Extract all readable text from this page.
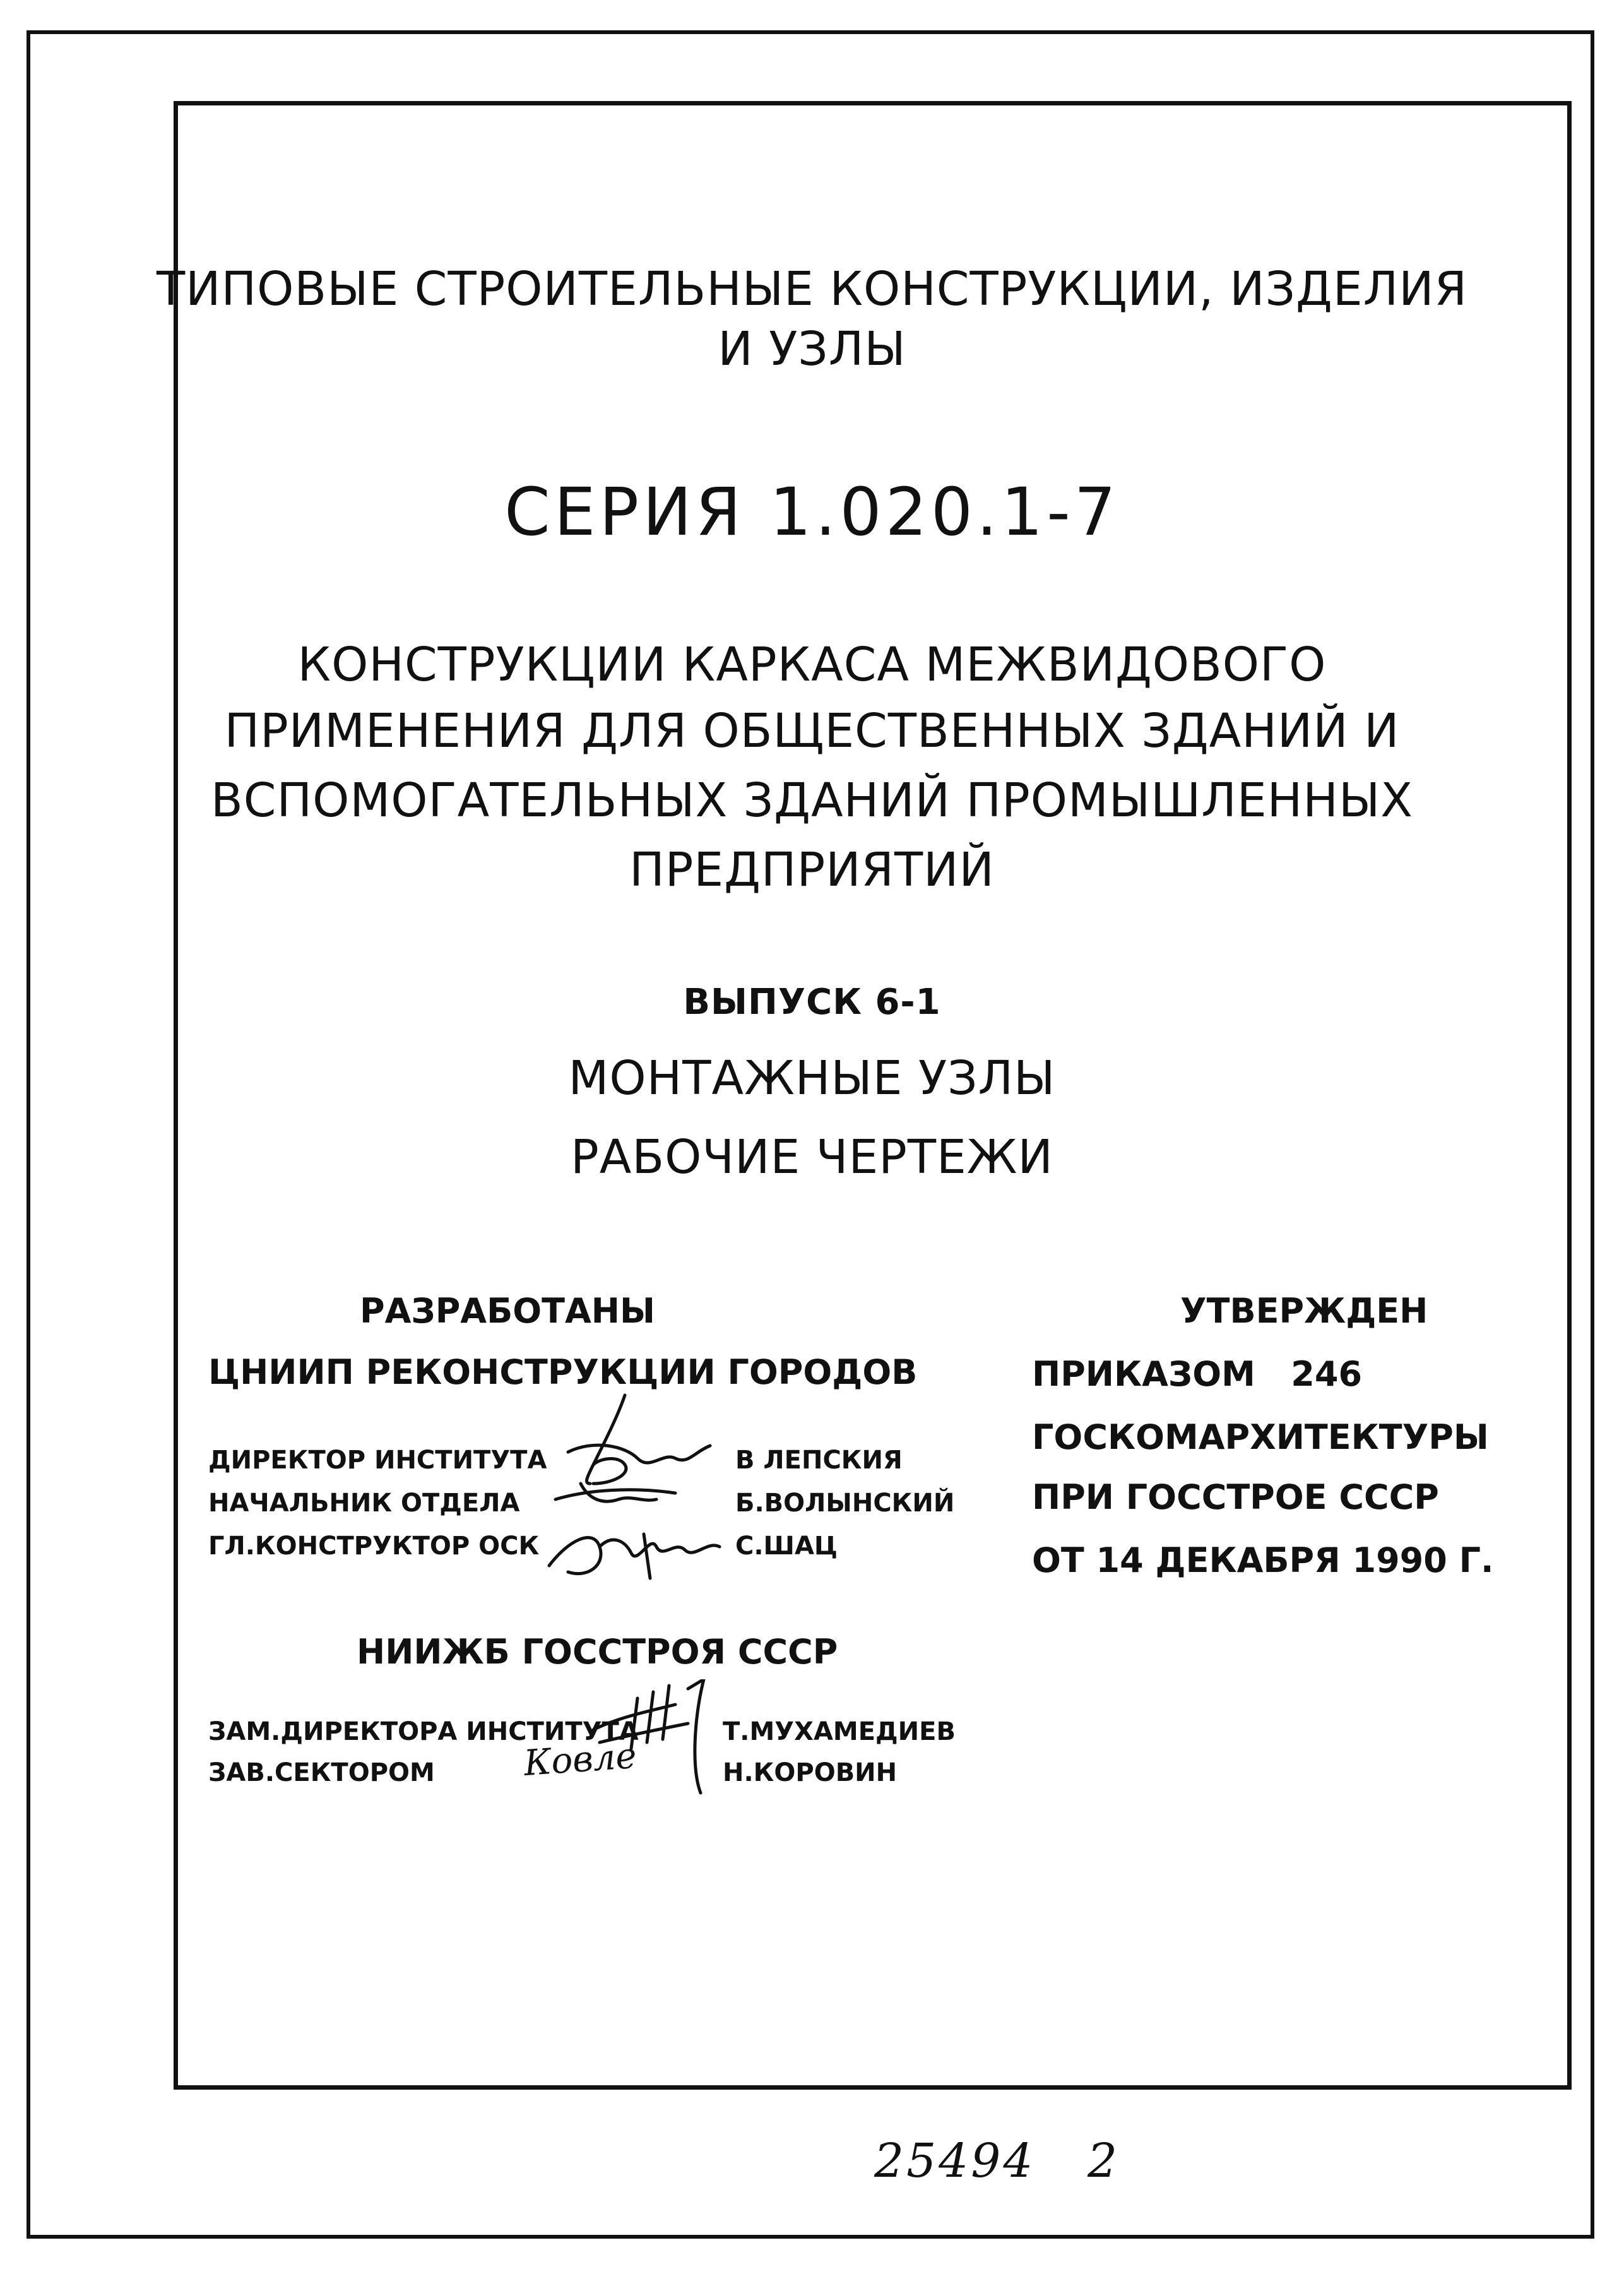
ТИПОВЫЕ СТРОИТЕЛЬНЫЕ КОНСТРУКЦИИ, ИЗДЕЛИЯ
И УЗЛЫ
СЕРИЯ 1.020.1-7
КОНСТРУКЦИИ КАРКАСА МЕЖВИДОВОГО
ПРИМЕНЕНИЯ ДЛЯ ОБЩЕСТВЕННЫХ ЗДАНИЙ И
ВСПОМОГАТЕЛЬНЫХ ЗДАНИЙ ПРОМЫШЛЕННЫХ
ПРЕДПРИЯТИЙ
ВЫПУСК 6-1
МОНТАЖНЫЕ УЗЛЫ
РАБОЧИЕ ЧЕРТЕЖИ
РАЗРАБОТАНЫ
ЦНИИП РЕКОНСТРУКЦИИ ГОРОДОВ
ДИРЕКТОР ИНСТИТУТА	В ЛЕПСКИЯ
НАЧАЛЬНИК ОТДЕЛА	Б.ВОЛЫНСКИЙ
ГЛ.КОНСТРУКТОР ОСК	С.ШАЦ
НИИЖБ ГОССТРОЯ СССР
ЗАМ.ДИРЕКТОРА ИНСТИТУТА	Т.МУХАМЕДИЕВ
ЗАВ.СЕКТОРОМ	Н.КОРОВИН
Ковле
УТВЕРЖДЕН
ПРИКАЗОМ   246
ГОСКОМАРХИТЕКТУРЫ
ПРИ ГОССТРОЕ СССР
ОТ 14 ДЕКАБРЯ 1990 Г.
25494   2
